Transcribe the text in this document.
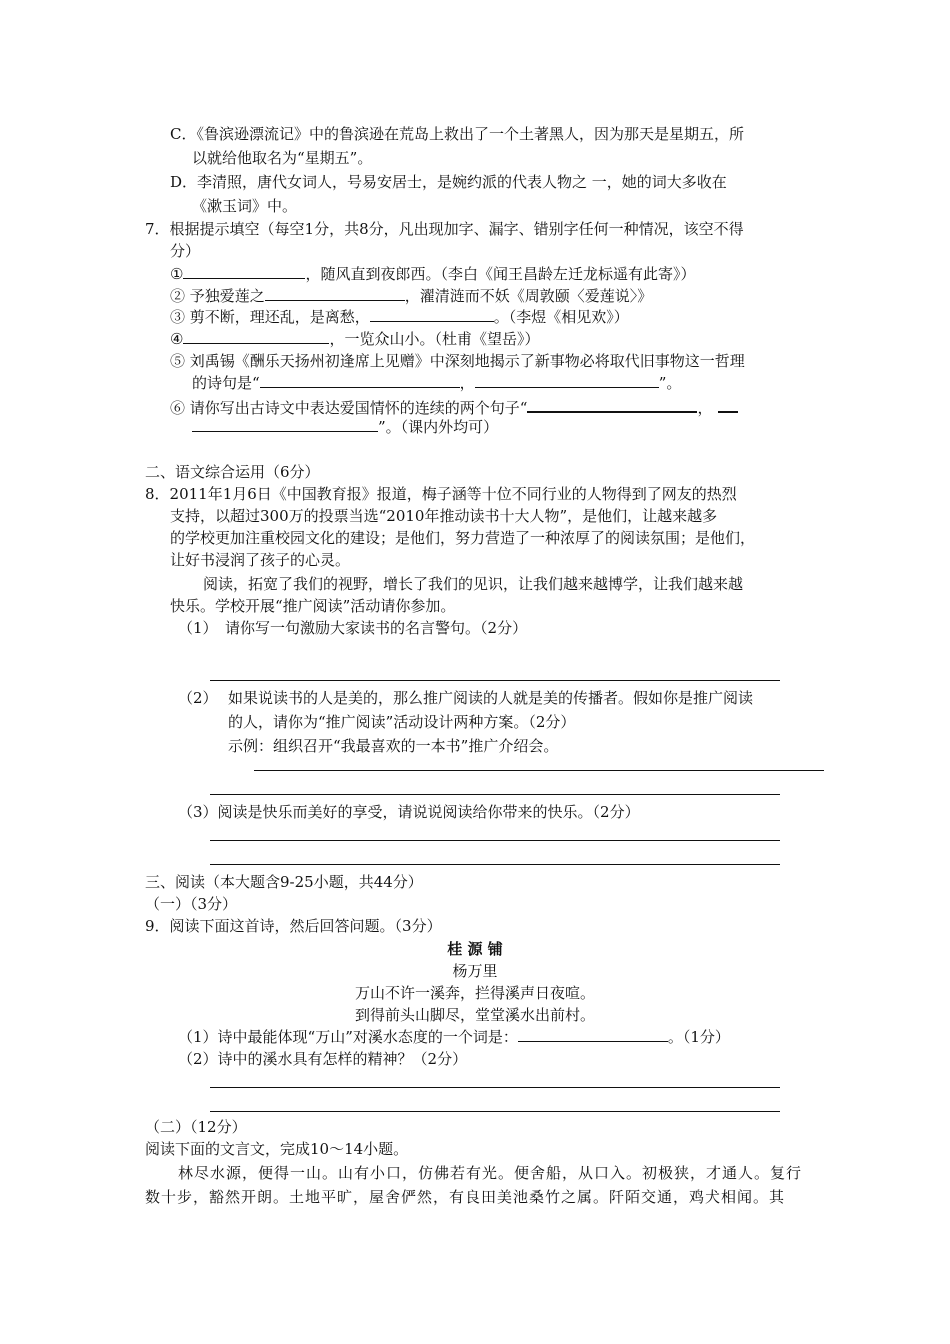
C．《鲁滨逊漂流记》中的鲁滨逊在荒岛上救出了一个土著黑人，因为那天是星期五，所
以就给他取名为“星期五”。
D．李清照，唐代女词人，号易安居士，是婉约派的代表人物之 一，她的词大多收在
《漱玉词》中。
7．根据提示填空（每空1分，共8分，凡出现加字、漏字、错别字任何一种情况，该空不得
分）
①	，随风直到夜郎西。（李白《闻王昌龄左迁龙标遥有此寄》）
② 予独爱莲之	，濯清涟而不妖《周敦颐〈爱莲说〉》
③ 剪不断，理还乱，是离愁，	。（李煜《相见欢》）
④	，一览众山小。（杜甫《望岳》）
⑤ 刘禹锡《酬乐天扬州初逢席上见赠》中深刻地揭示了新事物必将取代旧事物这一哲理
的诗句是“	，	”。
⑥ 请你写出古诗文中表达爱国情怀的连续的两个句子“	，
”。（课内外均可）
二、语文综合运用（6分）
8．2011年1月6日《中国教育报》报道，梅子涵等十位不同行业的人物得到了网友的热烈
支持，以超过300万的投票当选“2010年推动读书十大人物”，是他们，让越来越多
的学校更加注重校园文化的建设；是他们，努力营造了一种浓厚了的阅读氛围；是他们，
让好书浸润了孩子的心灵。
阅读，拓宽了我们的视野，增长了我们的见识，让我们越来越博学，让我们越来越
快乐。学校开展“推广阅读”活动请你参加。
（1）　请你写一句激励大家读书的名言警句。（2分）
（2） 如果说读书的人是美的，那么推广阅读的人就是美的传播者。假如你是推广阅读
的人，请你为“推广阅读”活动设计两种方案。（2分）
示例：组织召开“我最喜欢的一本书”推广介绍会。
（3）阅读是快乐而美好的享受，请说说阅读给你带来的快乐。（2分）
三、阅读（本大题含9-25小题，共44分）
（一）（3分）
9．阅读下面这首诗，然后回答问题。（3分）
桂 源 铺
杨万里
万山不许一溪奔，拦得溪声日夜喧。
到得前头山脚尽，堂堂溪水出前村。
（1）诗中最能体现“万山”对溪水态度的一个词是：	。（1分）
（2）诗中的溪水具有怎样的精神？（2分）
（二）（12分）
阅读下面的文言文，完成10～14小题。
林尽水源，便得一山。山有小口，仿佛若有光。便舍船，从口入。初极狭，才通人。复行
数十步，豁然开朗。土地平旷，屋舍俨然，有良田美池桑竹之属。阡陌交通，鸡犬相闻。其
